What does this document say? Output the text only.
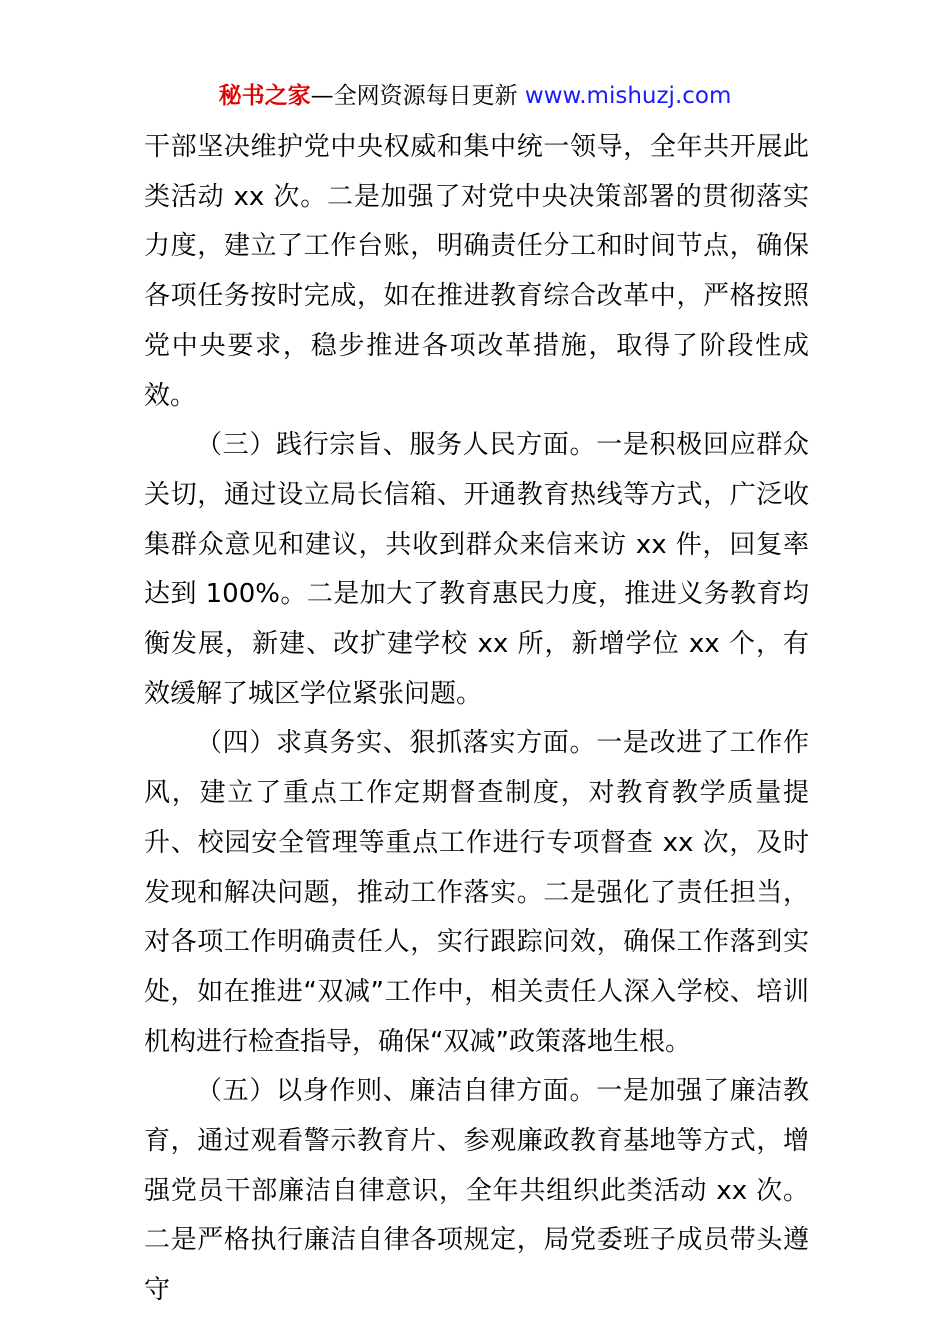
秘书之家—全网资源每日更新 www.mishuzj.com

干部坚决维护党中央权威和集中统一领导，全年共开展此类活动 xx 次。二是加强了对党中央决策部署的贯彻落实力度，建立了工作台账，明确责任分工和时间节点，确保各项任务按时完成，如在推进教育综合改革中，严格按照党中央要求，稳步推进各项改革措施，取得了阶段性成效。

（三）践行宗旨、服务人民方面。一是积极回应群众关切，通过设立局长信箱、开通教育热线等方式，广泛收集群众意见和建议，共收到群众来信来访 xx 件，回复率达到 100%。二是加大了教育惠民力度，推进义务教育均衡发展，新建、改扩建学校 xx 所，新增学位 xx 个，有效缓解了城区学位紧张问题。

（四）求真务实、狠抓落实方面。一是改进了工作作风，建立了重点工作定期督查制度，对教育教学质量提升、校园安全管理等重点工作进行专项督查 xx 次，及时发现和解决问题，推动工作落实。二是强化了责任担当，对各项工作明确责任人，实行跟踪问效，确保工作落到实处，如在推进“双减”工作中，相关责任人深入学校、培训机构进行检查指导，确保“双减”政策落地生根。

（五）以身作则、廉洁自律方面。一是加强了廉洁教育，通过观看警示教育片、参观廉政教育基地等方式，增强党员干部廉洁自律意识，全年共组织此类活动 xx 次。二是严格执行廉洁自律各项规定，局党委班子成员带头遵守
